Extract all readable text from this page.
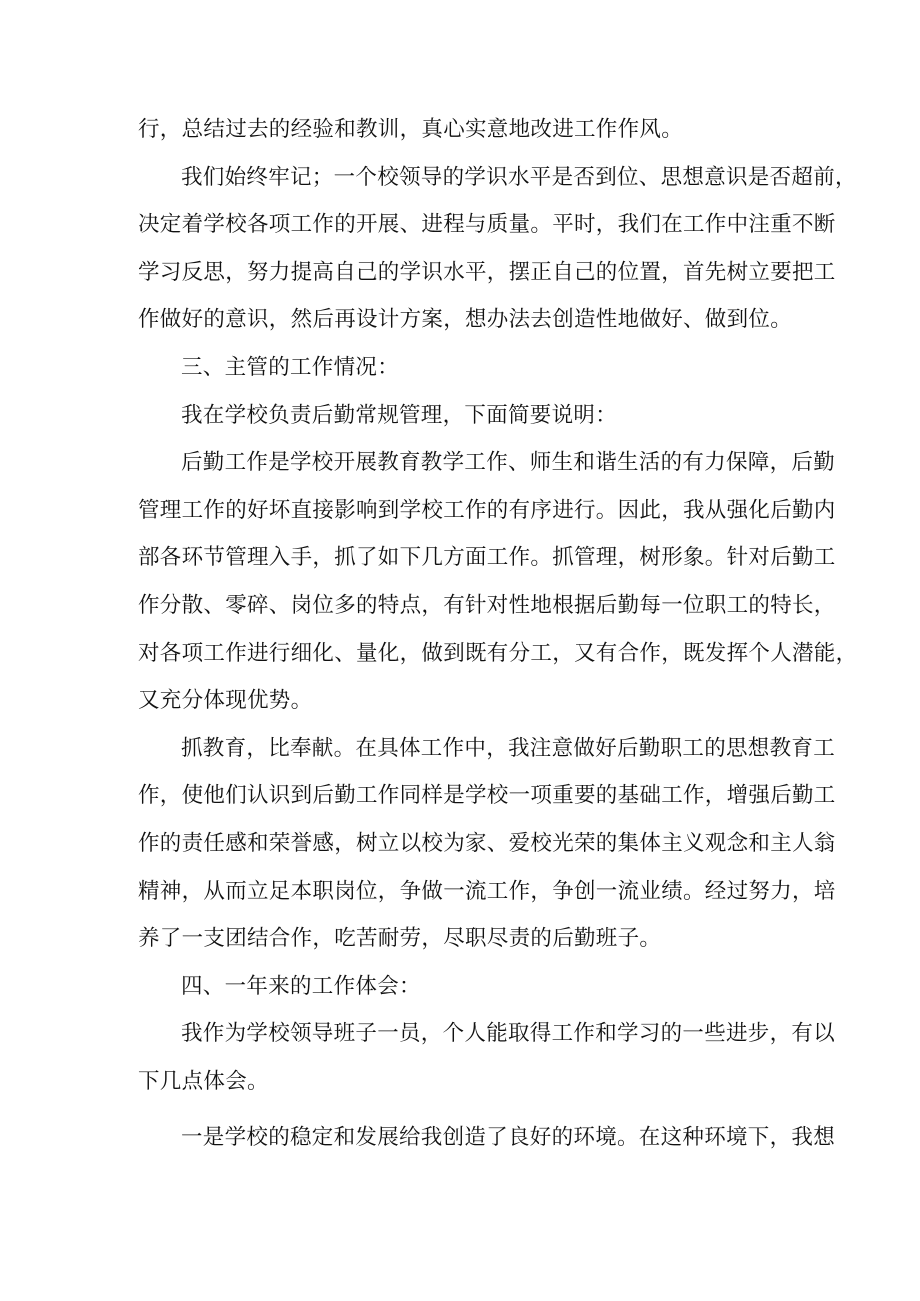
行，总结过去的经验和教训，真心实意地改进工作作风。
我们始终牢记；一个校领导的学识水平是否到位、思想意识是否超前，
决定着学校各项工作的开展、进程与质量。平时，我们在工作中注重不断
学习反思，努力提高自己的学识水平，摆正自己的位置，首先树立要把工
作做好的意识，然后再设计方案，想办法去创造性地做好、做到位。
三、主管的工作情况：
我在学校负责后勤常规管理，下面简要说明：
后勤工作是学校开展教育教学工作、师生和谐生活的有力保障，后勤
管理工作的好坏直接影响到学校工作的有序进行。因此，我从强化后勤内
部各环节管理入手，抓了如下几方面工作。抓管理，树形象。针对后勤工
作分散、零碎、岗位多的特点，有针对性地根据后勤每一位职工的特长，
对各项工作进行细化、量化，做到既有分工，又有合作，既发挥个人潜能，
又充分体现优势。
抓教育，比奉献。在具体工作中，我注意做好后勤职工的思想教育工
作，使他们认识到后勤工作同样是学校一项重要的基础工作，增强后勤工
作的责任感和荣誉感，树立以校为家、爱校光荣的集体主义观念和主人翁
精神，从而立足本职岗位，争做一流工作，争创一流业绩。经过努力，培
养了一支团结合作，吃苦耐劳，尽职尽责的后勤班子。
四、一年来的工作体会：
我作为学校领导班子一员，个人能取得工作和学习的一些进步，有以
下几点体会。
一是学校的稳定和发展给我创造了良好的环境。在这种环境下，我想
